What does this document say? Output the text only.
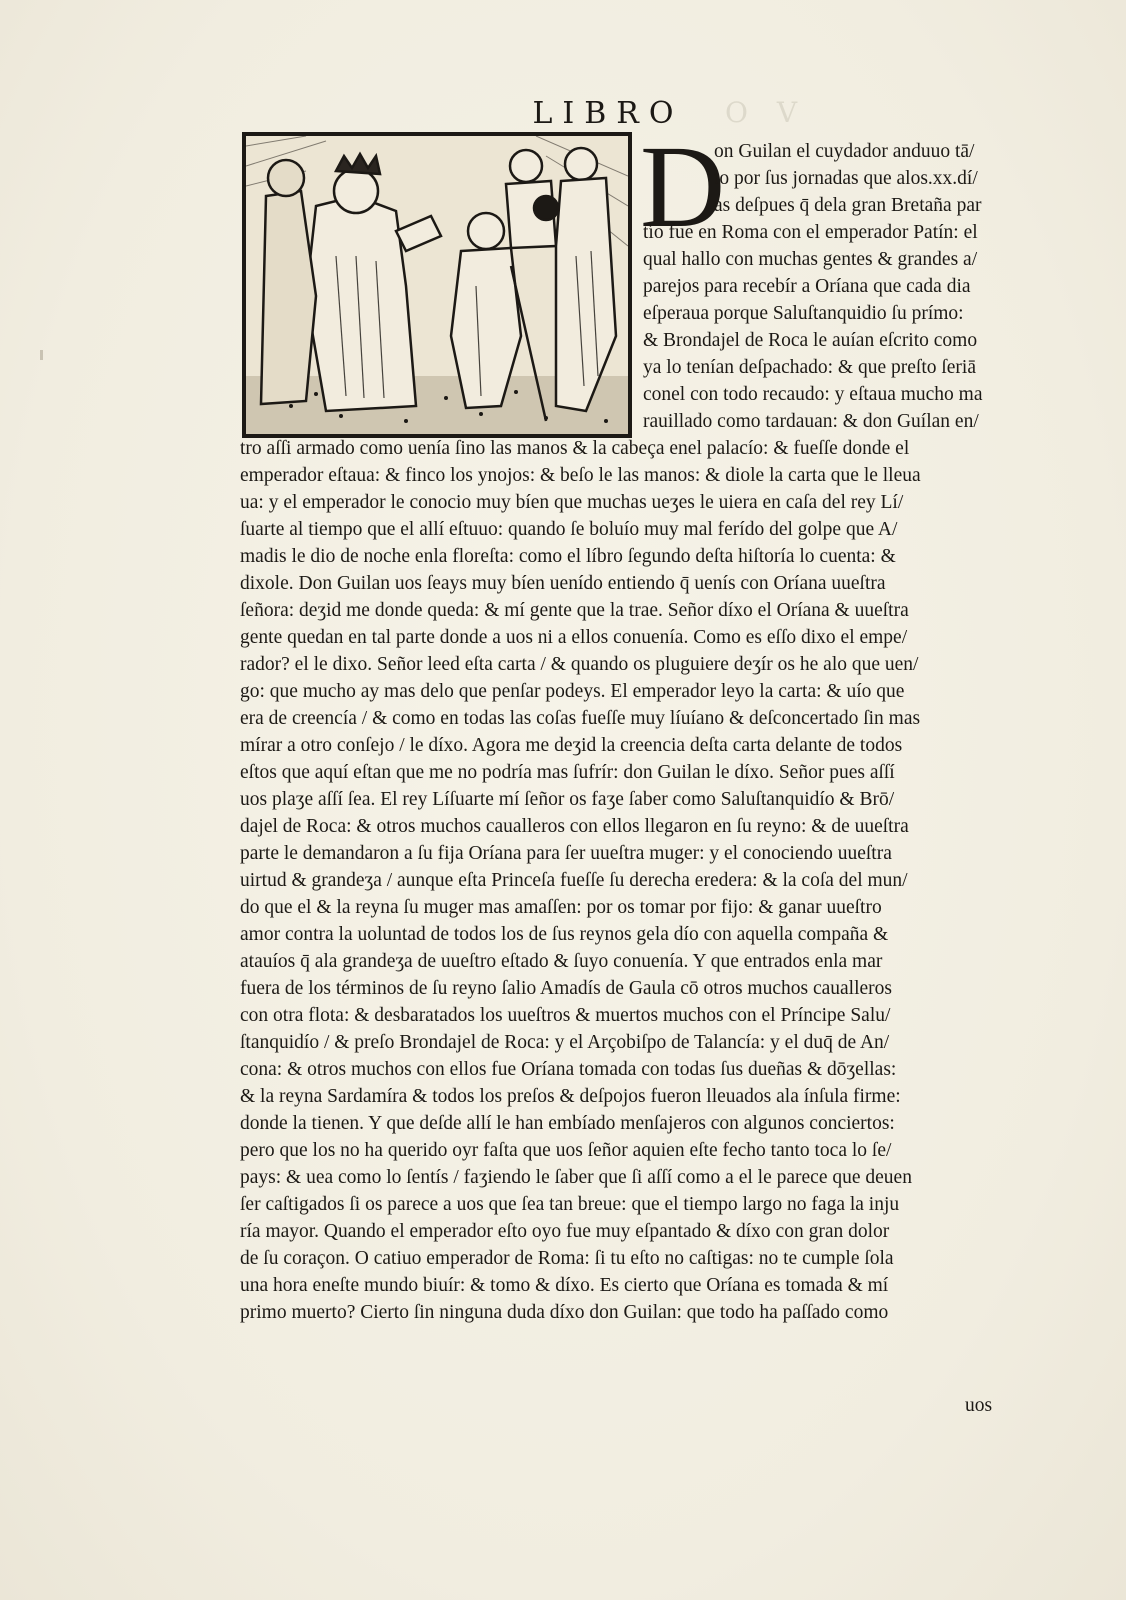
LIBRO	O V
D
on Guilan el cuydador anduuo tā/
to por ſus jornadas que alos.xx.dí/
as deſpues q̄ dela gran Bretaña par
tío fue en Roma con el emperador Patín: el
qual hallo con muchas gentes & grandes a/
parejos para recebír a Oríana que cada dia
eſperaua porque Saluſtanquidio ſu prímo:
& Brondajel de Roca le auían eſcrito como
ya lo tenían deſpachado: & que preſto ſeriā
conel con todo recaudo: y eſtaua mucho ma
rauillado como tardauan: & don Guílan en/
tro aſſi armado como uenía ſino las manos & la cabeça enel palacío: & fueſſe donde el
emperador eſtaua: & finco los ynojos: & beſo le las manos: & diole la carta que le lleua
ua: y el emperador le conocio muy bíen que muchas ueʒes le uiera en caſa del rey Lí/
ſuarte al tiempo que el allí eſtuuo: quando ſe boluío muy mal ferído del golpe que A/
madis le dio de noche enla floreſta: como el líbro ſegundo deſta hiſtoría lo cuenta: &
dixole. Don Guilan uos ſeays muy bíen uenído entiendo q̄ uenís con Oríana uueſtra
ſeñora: deʒid me donde queda: & mí gente que la trae. Señor díxo el Oríana & uueſtra
gente quedan en tal parte donde a uos ni a ellos conuenía. Como es eſſo dixo el empe/
rador? el le dixo. Señor leed eſta carta / & quando os pluguiere deʒír os he alo que uen/
go: que mucho ay mas delo que penſar podeys. El emperador leyo la carta: & uío que
era de creencía / & como en todas las coſas fueſſe muy líuíano & deſconcertado ſin mas
mírar a otro conſejo / le díxo. Agora me deʒid la creencia deſta carta delante de todos
eſtos que aquí eſtan que me no podría mas ſufrír: don Guilan le díxo. Señor pues aſſí
uos plaʒe aſſí ſea. El rey Líſuarte mí ſeñor os faʒe ſaber como Saluſtanquidío & Brō/
dajel de Roca: & otros muchos caualleros con ellos llegaron en ſu reyno: & de uueſtra
parte le demandaron a ſu fija Oríana para ſer uueſtra muger: y el conociendo uueſtra
uirtud & grandeʒa / aunque eſta Princeſa fueſſe ſu derecha eredera: & la coſa del mun/
do que el & la reyna ſu muger mas amaſſen: por os tomar por fijo: & ganar uueſtro
amor contra la uoluntad de todos los de ſus reynos gela dío con aquella compaña &
atauíos q̄ ala grandeʒa de uueſtro eſtado & ſuyo conuenía. Y que entrados enla mar
fuera de los términos de ſu reyno ſalio Amadís de Gaula cō otros muchos caualleros
con otra flota: & desbaratados los uueſtros & muertos muchos con el Príncipe Salu/
ſtanquidío / & preſo Brondajel de Roca: y el Arçobiſpo de Talancía: y el duq̄ de An/
cona: & otros muchos con ellos fue Oríana tomada con todas ſus dueñas & dōʒellas:
& la reyna Sardamíra & todos los preſos & deſpojos fueron lleuados ala ínſula firme:
donde la tienen. Y que deſde allí le han embíado menſajeros con algunos conciertos:
pero que los no ha querido oyr faſta que uos ſeñor aquien eſte fecho tanto toca lo ſe/
pays: & uea como lo ſentís / faʒiendo le ſaber que ſi aſſí como a el le parece que deuen
ſer caſtigados ſi os parece a uos que ſea tan breue: que el tiempo largo no faga la inju
ría mayor. Quando el emperador eſto oyo fue muy eſpantado & díxo con gran dolor
de ſu coraçon. O catiuo emperador de Roma: ſi tu eſto no caſtigas: no te cumple ſola
una hora eneſte mundo biuír: & tomo & díxo. Es cierto que Oríana es tomada & mí
primo muerto? Cierto ſin ninguna duda díxo don Guilan: que todo ha paſſado como
uos
